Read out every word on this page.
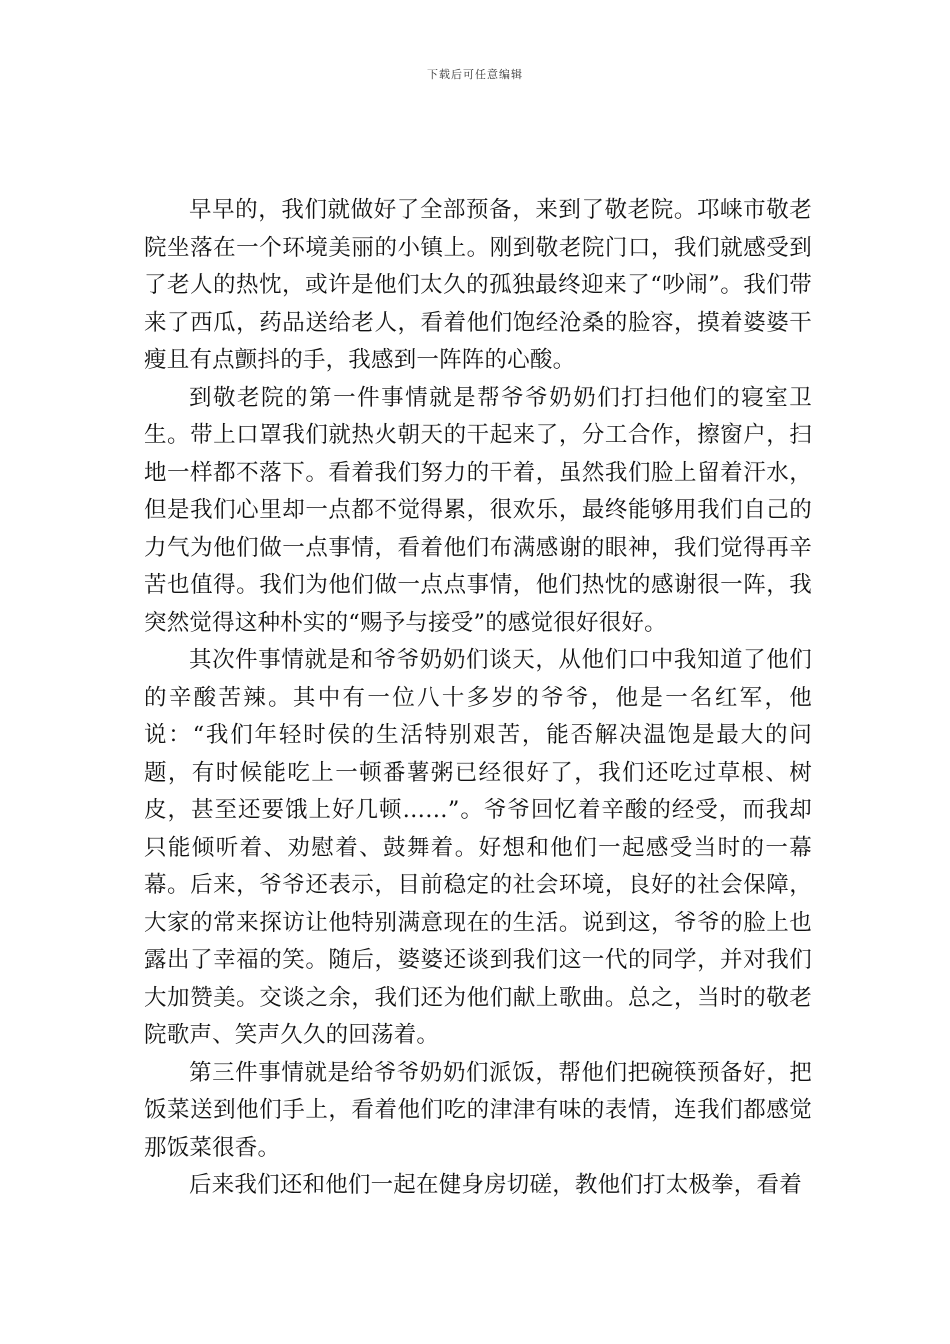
下载后可任意编辑

早早的，我们就做好了全部预备，来到了敬老院。邛崃市敬老院坐落在一个环境美丽的小镇上。刚到敬老院门口，我们就感受到了老人的热忱，或许是他们太久的孤独最终迎来了“吵闹”。我们带来了西瓜，药品送给老人，看着他们饱经沧桑的脸容，摸着婆婆干瘦且有点颤抖的手，我感到一阵阵的心酸。

到敬老院的第一件事情就是帮爷爷奶奶们打扫他们的寝室卫生。带上口罩我们就热火朝天的干起来了，分工合作，擦窗户，扫地一样都不落下。看着我们努力的干着，虽然我们脸上留着汗水，但是我们心里却一点都不觉得累，很欢乐，最终能够用我们自己的力气为他们做一点事情，看着他们布满感谢的眼神，我们觉得再辛苦也值得。我们为他们做一点点事情，他们热忱的感谢很一阵，我突然觉得这种朴实的“赐予与接受”的感觉很好很好。

其次件事情就是和爷爷奶奶们谈天，从他们口中我知道了他们的辛酸苦辣。其中有一位八十多岁的爷爷，他是一名红军，他说：“我们年轻时侯的生活特别艰苦，能否解决温饱是最大的问题，有时候能吃上一顿番薯粥已经很好了，我们还吃过草根、树皮，甚至还要饿上好几顿……”。爷爷回忆着辛酸的经受，而我却只能倾听着、劝慰着、鼓舞着。好想和他们一起感受当时的一幕幕。后来，爷爷还表示，目前稳定的社会环境，良好的社会保障，大家的常来探访让他特别满意现在的生活。说到这，爷爷的脸上也露出了幸福的笑。随后，婆婆还谈到我们这一代的同学，并对我们大加赞美。交谈之余，我们还为他们献上歌曲。总之，当时的敬老院歌声、笑声久久的回荡着。

第三件事情就是给爷爷奶奶们派饭，帮他们把碗筷预备好，把饭菜送到他们手上，看着他们吃的津津有味的表情，连我们都感觉那饭菜很香。

后来我们还和他们一起在健身房切磋，教他们打太极拳，看着
